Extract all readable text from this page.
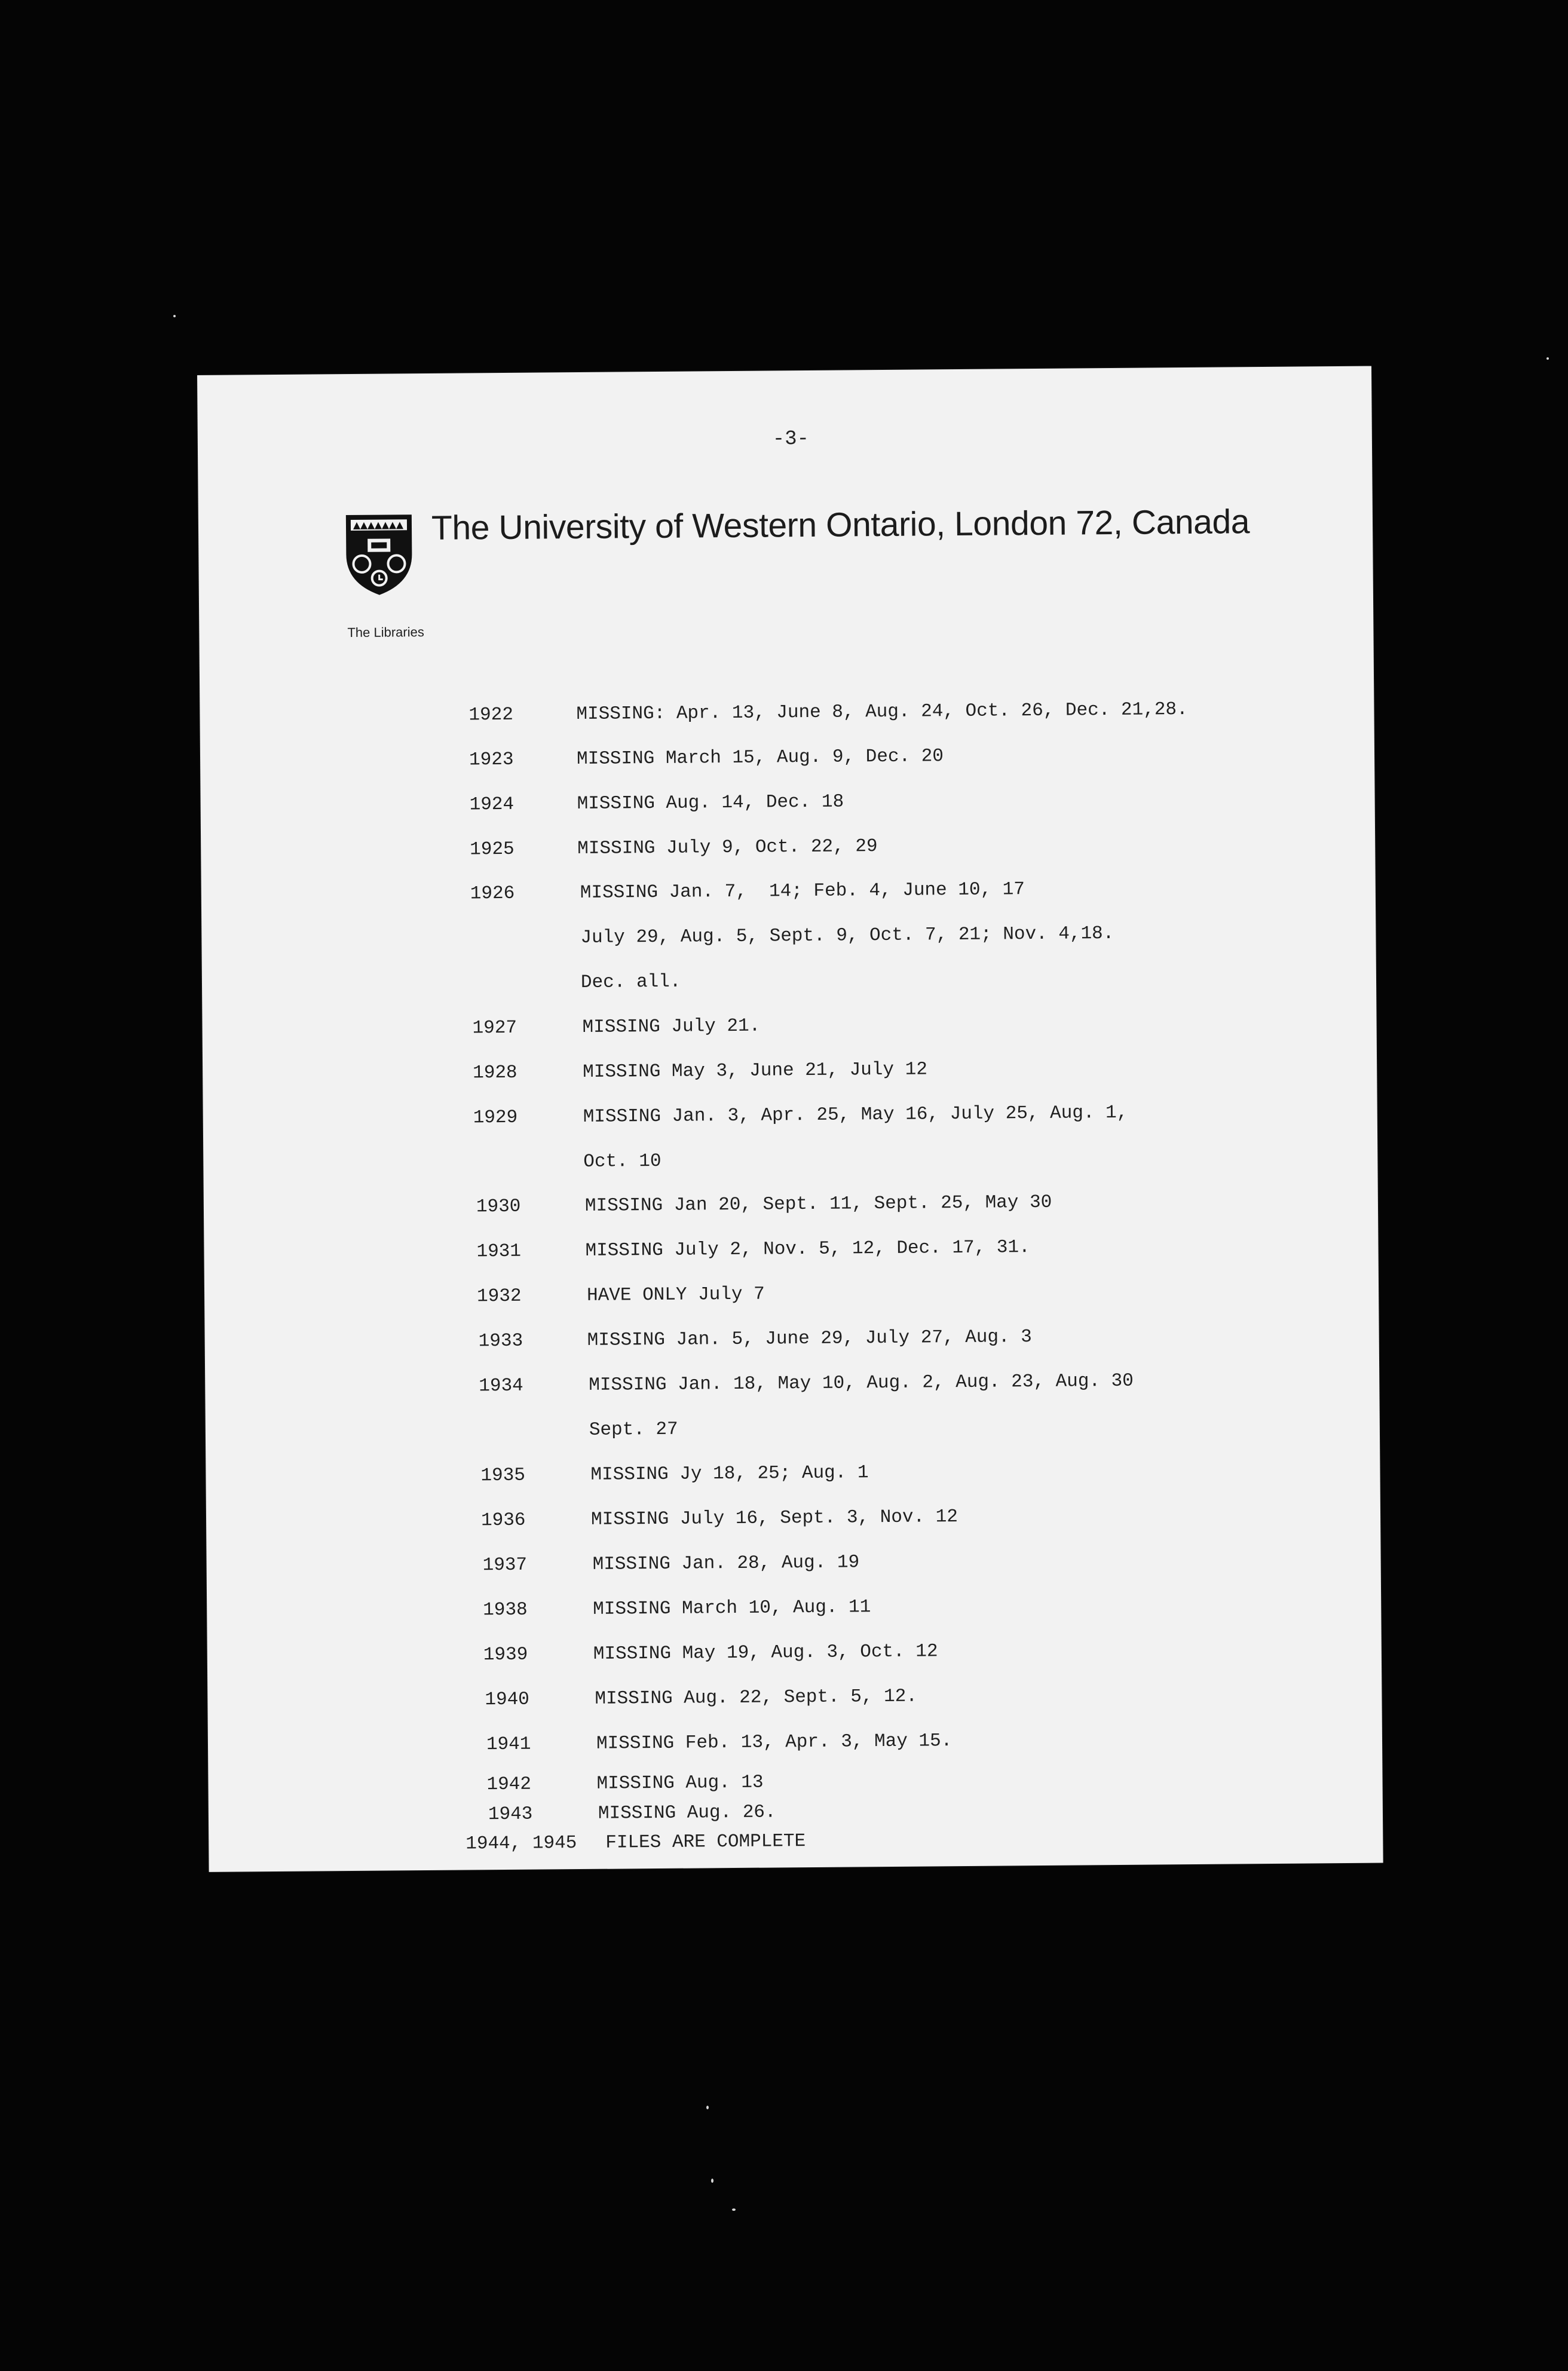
-3-
The University of Western Ontario, London 72, Canada
The Libraries
1922	MISSING: Apr. 13, June 8, Aug. 24, Oct. 26, Dec. 21,28.
1923	MISSING March 15, Aug. 9, Dec. 20
1924	MISSING Aug. 14, Dec. 18
1925	MISSING July 9, Oct. 22, 29
1926	MISSING Jan. 7,  14; Feb. 4, June 10, 17
July 29, Aug. 5, Sept. 9, Oct. 7, 21; Nov. 4,18.
Dec. all.
1927	MISSING July 21.
1928	MISSING May 3, June 21, July 12
1929	MISSING Jan. 3, Apr. 25, May 16, July 25, Aug. 1,
Oct. 10
1930	MISSING Jan 20, Sept. 11, Sept. 25, May 30
1931	MISSING July 2, Nov. 5, 12, Dec. 17, 31.
1932	HAVE ONLY July 7
1933	MISSING Jan. 5, June 29, July 27, Aug. 3
1934	MISSING Jan. 18, May 10, Aug. 2, Aug. 23, Aug. 30
Sept. 27
1935	MISSING Jy 18, 25; Aug. 1
1936	MISSING July 16, Sept. 3, Nov. 12
1937	MISSING Jan. 28, Aug. 19
1938	MISSING March 10, Aug. 11
1939	MISSING May 19, Aug. 3, Oct. 12
1940	MISSING Aug. 22, Sept. 5, 12.
1941	MISSING Feb. 13, Apr. 3, May 15.
1942	MISSING Aug. 13
1943	MISSING Aug. 26.
1944, 1945 FILES ARE COMPLETE
